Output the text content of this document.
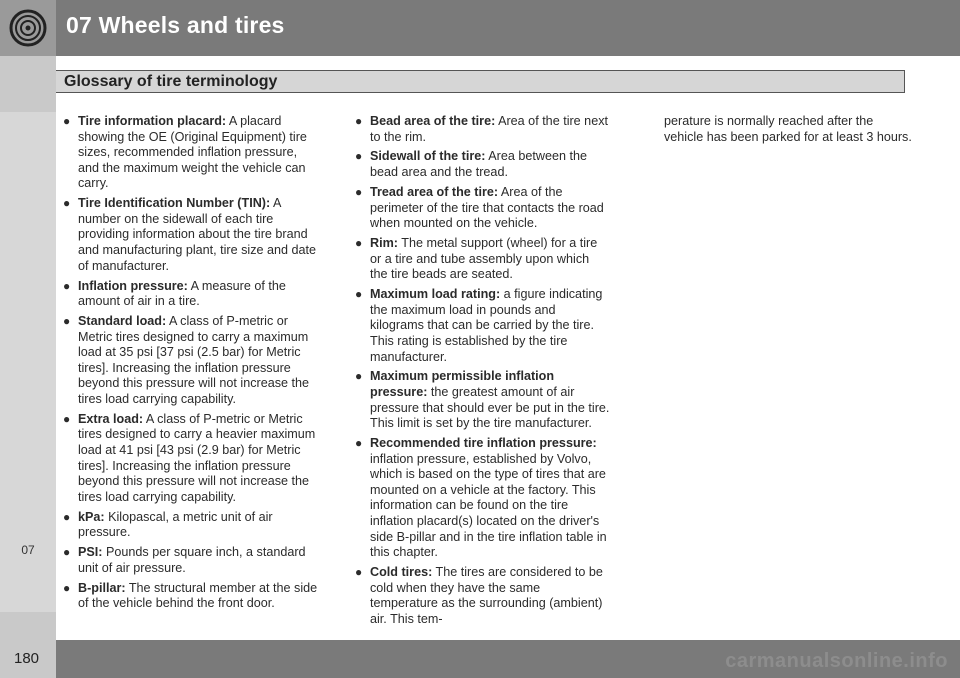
07 Wheels and tires
07
Glossary of tire terminology
● Tire information placard: A placard showing the OE (Original Equipment) tire sizes, recommended inflation pressure, and the maximum weight the vehicle can carry.
● Tire Identification Number (TIN): A number on the sidewall of each tire providing information about the tire brand and manufacturing plant, tire size and date of manufacturer.
● Inflation pressure: A measure of the amount of air in a tire.
● Standard load: A class of P-metric or Metric tires designed to carry a maximum load at 35 psi [37 psi (2.5 bar) for Metric tires]. Increasing the inflation pressure beyond this pressure will not increase the tires load carrying capability.
● Extra load: A class of P-metric or Metric tires designed to carry a heavier maximum load at 41 psi [43 psi (2.9 bar) for Metric tires]. Increasing the inflation pressure beyond this pressure will not increase the tires load carrying capability.
● kPa: Kilopascal, a metric unit of air pressure.
● PSI: Pounds per square inch, a standard unit of air pressure.
● B-pillar: The structural member at the side of the vehicle behind the front door.
● Bead area of the tire: Area of the tire next to the rim.
● Sidewall of the tire: Area between the bead area and the tread.
● Tread area of the tire: Area of the perimeter of the tire that contacts the road when mounted on the vehicle.
● Rim: The metal support (wheel) for a tire or a tire and tube assembly upon which the tire beads are seated.
● Maximum load rating: a figure indicating the maximum load in pounds and kilograms that can be carried by the tire. This rating is established by the tire manufacturer.
● Maximum permissible inflation pressure: the greatest amount of air pressure that should ever be put in the tire. This limit is set by the tire manufacturer.
● Recommended tire inflation pressure: inflation pressure, established by Volvo, which is based on the type of tires that are mounted on a vehicle at the factory. This information can be found on the tire inflation placard(s) located on the driver's side B-pillar and in the tire inflation table in this chapter.
● Cold tires: The tires are considered to be cold when they have the same temperature as the surrounding (ambient) air. This tem-
perature is normally reached after the vehicle has been parked for at least 3 hours.
180	carmanualsonline.info
